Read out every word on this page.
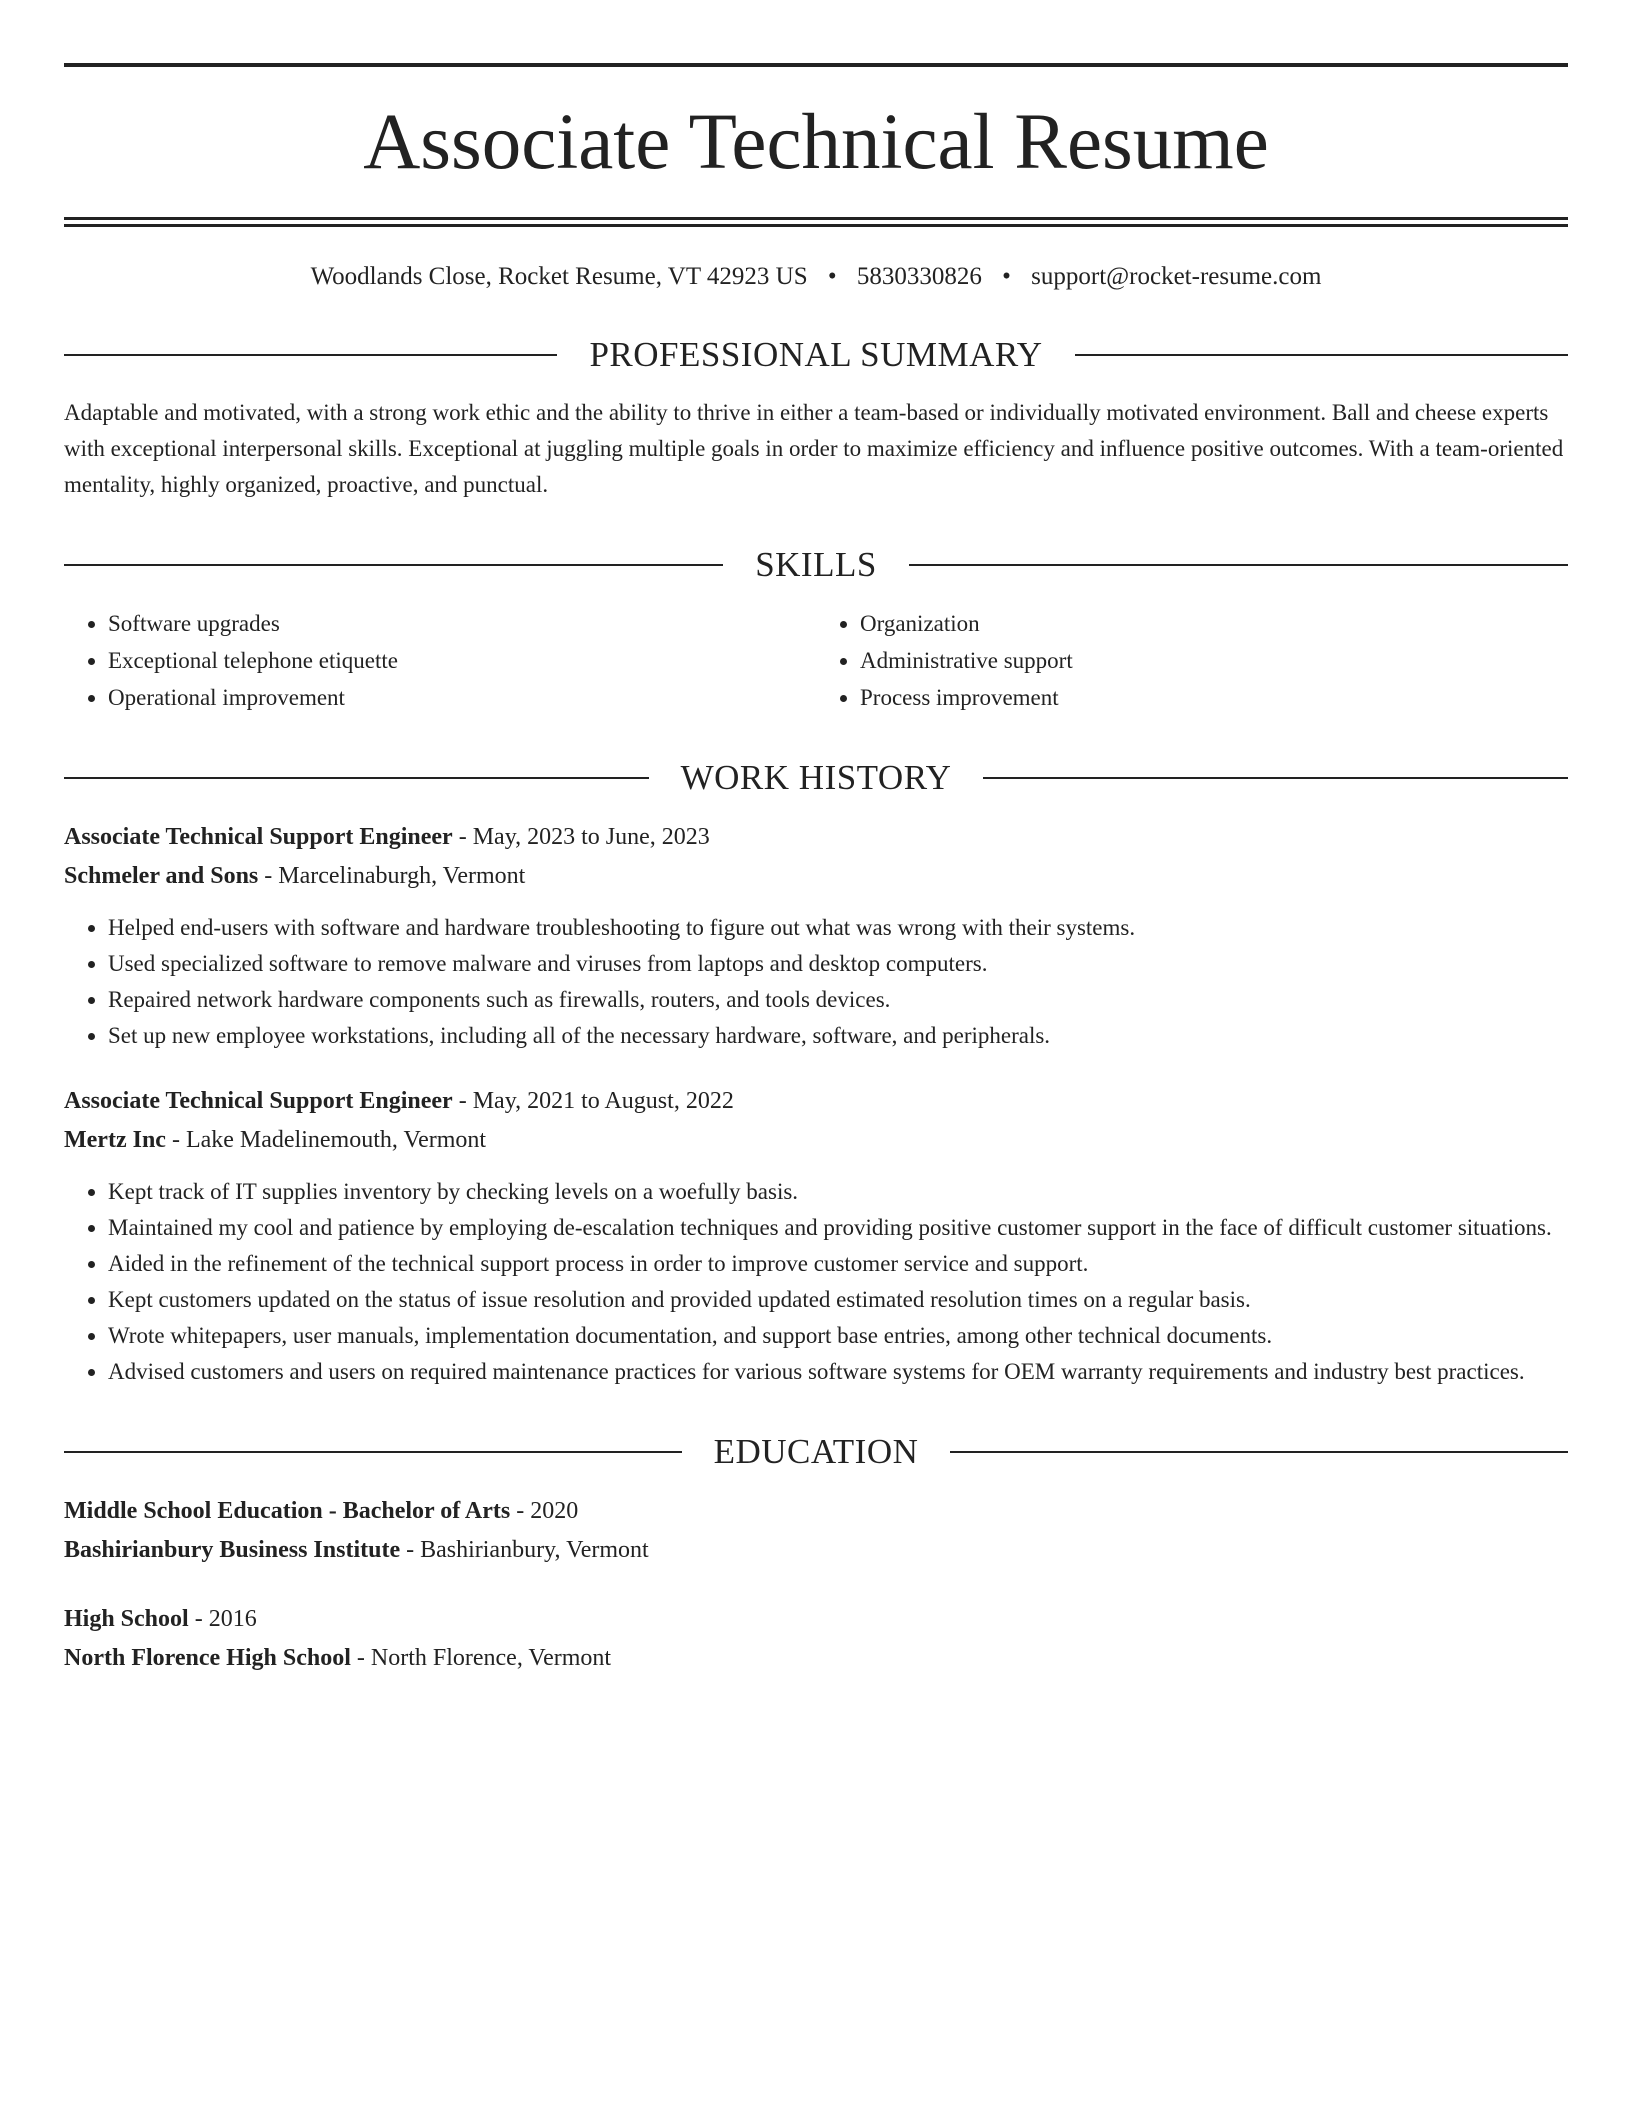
Associate Technical Resume
Woodlands Close, Rocket Resume, VT 42923 US • 5830330826 • support@rocket-resume.com
PROFESSIONAL SUMMARY

Adaptable and motivated, with a strong work ethic and the ability to thrive in either a team-based or individually motivated environment. Ball and cheese experts with exceptional interpersonal skills. Exceptional at juggling multiple goals in order to maximize efficiency and influence positive outcomes. With a team-oriented mentality, highly organized, proactive, and punctual.

SKILLS
• Software upgrades
• Exceptional telephone etiquette
• Operational improvement
• Organization
• Administrative support
• Process improvement
WORK HISTORY
Associate Technical Support Engineer - May, 2023 to June, 2023
Schmeler and Sons - Marcelinaburgh, Vermont
• Helped end-users with software and hardware troubleshooting to figure out what was wrong with their systems.
• Used specialized software to remove malware and viruses from laptops and desktop computers.
• Repaired network hardware components such as firewalls, routers, and tools devices.
• Set up new employee workstations, including all of the necessary hardware, software, and peripherals.
Associate Technical Support Engineer - May, 2021 to August, 2022
Mertz Inc - Lake Madelinemouth, Vermont
• Kept track of IT supplies inventory by checking levels on a woefully basis.
• Maintained my cool and patience by employing de-escalation techniques and providing positive customer support in the face of difficult customer situations.
• Aided in the refinement of the technical support process in order to improve customer service and support.
• Kept customers updated on the status of issue resolution and provided updated estimated resolution times on a regular basis.
• Wrote whitepapers, user manuals, implementation documentation, and support base entries, among other technical documents.
• Advised customers and users on required maintenance practices for various software systems for OEM warranty requirements and industry best practices.
EDUCATION
Middle School Education - Bachelor of Arts - 2020
Bashirianbury Business Institute - Bashirianbury, Vermont
High School - 2016
North Florence High School - North Florence, Vermont
